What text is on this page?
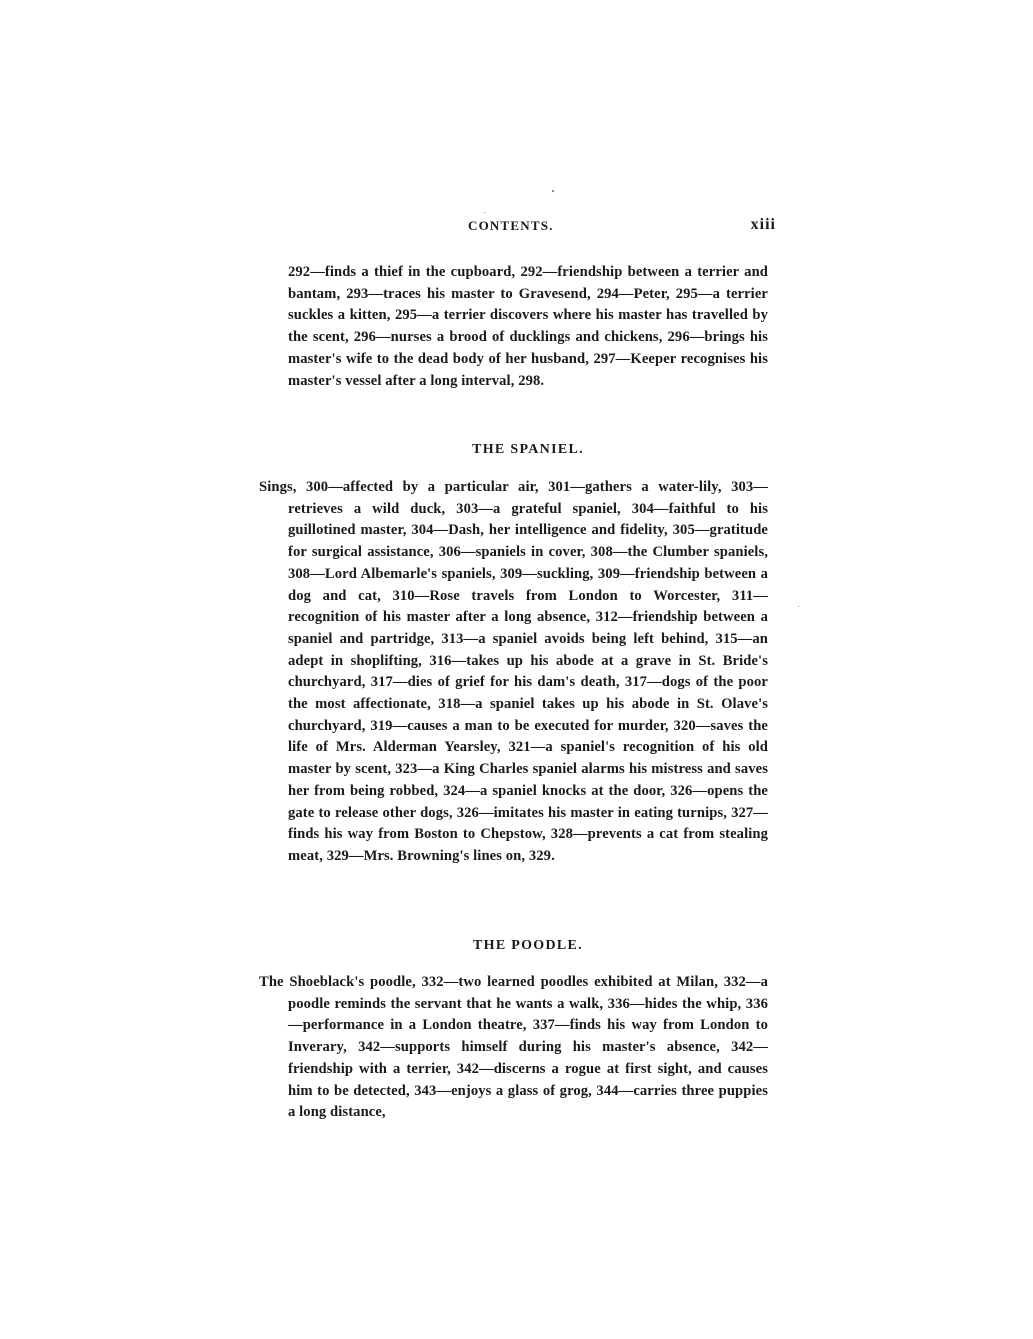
CONTENTS.	xiii
292—finds a thief in the cupboard, 292—friendship between a terrier and bantam, 293—traces his master to Gravesend, 294—Peter, 295—a terrier suckles a kitten, 295—a terrier discovers where his master has travelled by the scent, 296—nurses a brood of ducklings and chickens, 296—brings his master's wife to the dead body of her husband, 297—Keeper recognises his master's vessel after a long interval, 298.
THE SPANIEL.
Sings, 300—affected by a particular air, 301—gathers a water-lily, 303—retrieves a wild duck, 303—a grateful spaniel, 304—faithful to his guillotined master, 304—Dash, her intelligence and fidelity, 305—gratitude for surgical assistance, 306—spaniels in cover, 308—the Clumber spaniels, 308—Lord Albemarle's spaniels, 309—suckling, 309—friendship between a dog and cat, 310—Rose travels from London to Worcester, 311—recognition of his master after a long absence, 312—friendship between a spaniel and partridge, 313—a spaniel avoids being left behind, 315—an adept in shoplifting, 316—takes up his abode at a grave in St. Bride's churchyard, 317—dies of grief for his dam's death, 317—dogs of the poor the most affectionate, 318—a spaniel takes up his abode in St. Olave's churchyard, 319—causes a man to be executed for murder, 320—saves the life of Mrs. Alderman Yearsley, 321—a spaniel's recognition of his old master by scent, 323—a King Charles spaniel alarms his mistress and saves her from being robbed, 324—a spaniel knocks at the door, 326—opens the gate to release other dogs, 326—imitates his master in eating turnips, 327—finds his way from Boston to Chepstow, 328—prevents a cat from stealing meat, 329—Mrs. Browning's lines on, 329.
THE POODLE.
The Shoeblack's poodle, 332—two learned poodles exhibited at Milan, 332—a poodle reminds the servant that he wants a walk, 336—hides the whip, 336—performance in a London theatre, 337—finds his way from London to Inverary, 342—supports himself during his master's absence, 342—friendship with a terrier, 342—discerns a rogue at first sight, and causes him to be detected, 343—enjoys a glass of grog, 344—carries three puppies a long distance,
